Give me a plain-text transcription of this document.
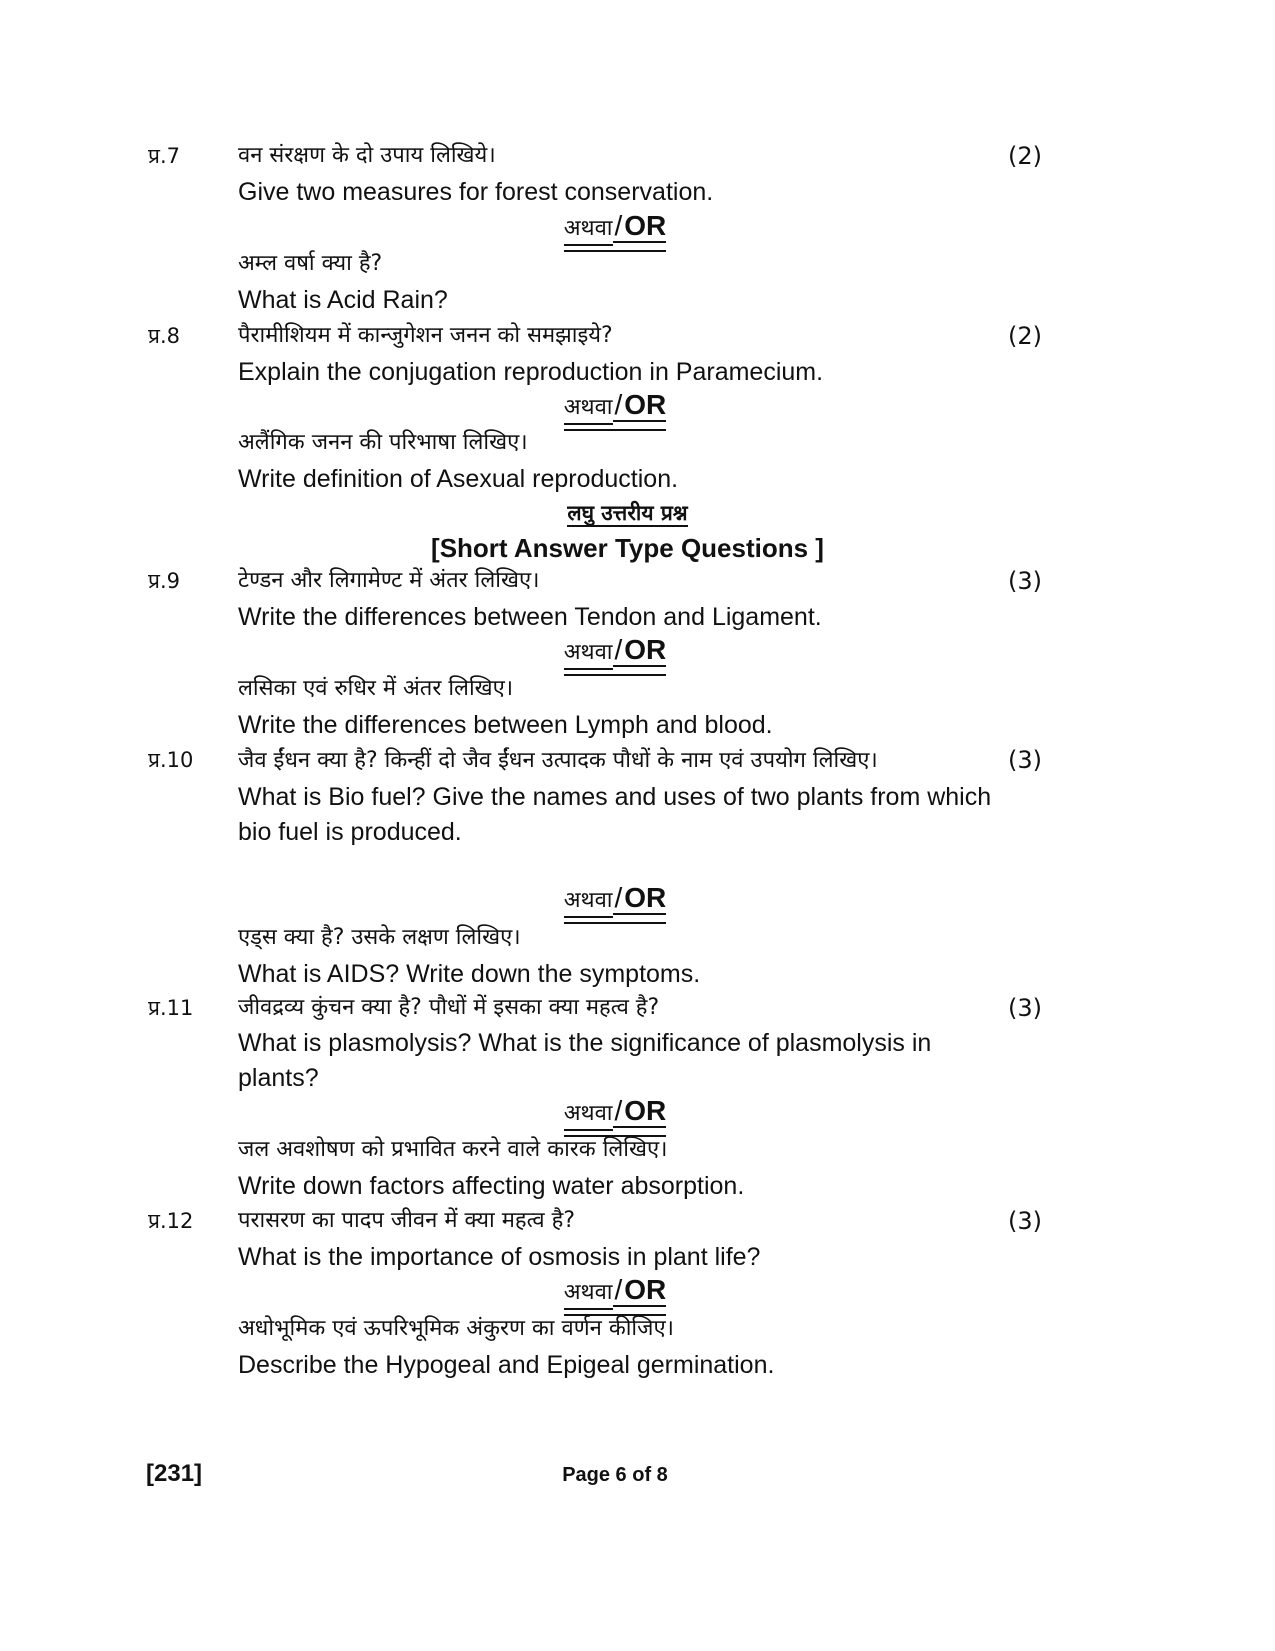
प्र.7	(2)

वन संरक्षण के दो उपाय लिखिये।

Give two measures for forest conservation.

अथवा/OR

अम्ल वर्षा क्या है?

What is Acid Rain?

प्र.8	(2)

पैरामीशियम में कान्जुगेशन जनन को समझाइये?

Explain the conjugation reproduction in Paramecium.

अथवा/OR

अलैंगिक जनन की परिभाषा लिखिए।

Write definition of Asexual reproduction.

लघु उत्तरीय प्रश्न
[Short Answer Type Questions ]
प्र.9	(3)

टेण्डन और लिगामेण्ट में अंतर लिखिए।

Write the differences between Tendon and Ligament.

अथवा/OR

लसिका एवं रुधिर में अंतर लिखिए।

Write the differences between Lymph and blood.

प्र.10	(3)

जैव ईंधन क्या है? किन्हीं दो जैव ईंधन उत्पादक पौधों के नाम एवं उपयोग लिखिए।

What is Bio fuel? Give the names and uses of two plants from which bio fuel is produced.

अथवा/OR

एड्स क्या है? उसके लक्षण लिखिए।

What is AIDS? Write down the symptoms.

प्र.11	(3)

जीवद्रव्य कुंचन क्या है? पौधों में इसका क्या महत्व है?

What is plasmolysis? What is the significance of plasmolysis in plants?

अथवा/OR

जल अवशोषण को प्रभावित करने वाले कारक लिखिए।

Write down factors affecting water absorption.

प्र.12	(3)

परासरण का पादप जीवन में क्या महत्व है?

What is the importance of osmosis in plant life?

अथवा/OR

अधोभूमिक एवं ऊपरिभूमिक अंकुरण का वर्णन कीजिए।

Describe the Hypogeal and Epigeal germination.

[231]	Page 6 of 8
